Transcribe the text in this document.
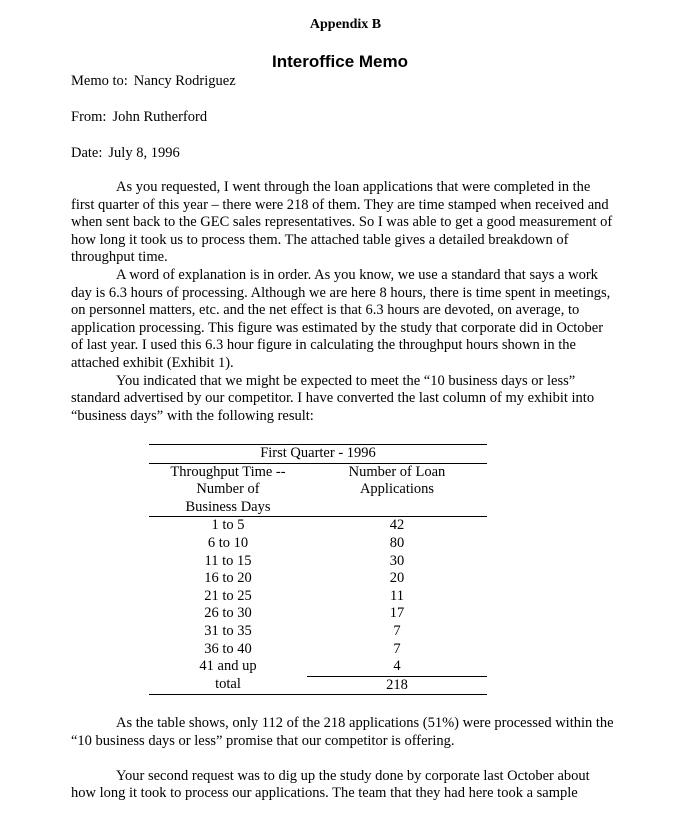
Appendix B
Interoffice Memo
Memo to: Nancy Rodriguez
From: John Rutherford
Date: July 8, 1996

As you requested, I went through the loan applications that were completed in the first quarter of this year – there were 218 of them. They are time stamped when received and when sent back to the GEC sales representatives. So I was able to get a good measurement of how long it took us to process them. The attached table gives a detailed breakdown of throughput time.

A word of explanation is in order. As you know, we use a standard that says a work day is 6.3 hours of processing. Although we are here 8 hours, there is time spent in meetings, on personnel matters, etc. and the net effect is that 6.3 hours are devoted, on average, to application processing. This figure was estimated by the study that corporate did in October of last year. I used this 6.3 hour figure in calculating the throughput hours shown in the attached exhibit (Exhibit 1).

You indicated that we might be expected to meet the “10 business days or less” standard advertised by our competitor. I have converted the last column of my exhibit into “business days” with the following result:

First Quarter - 1996	
Throughput Time --	Number of Loan
Number of	Applications
Business Days	
1 to 5	42
6 to 10	80
11 to 15	30
16 to 20	20
21 to 25	11
26 to 30	17
31 to 35	7
36 to 40	7
41 and up	4
total	218

As the table shows, only 112 of the 218 applications (51%) were processed within the “10 business days or less” promise that our competitor is offering.

Your second request was to dig up the study done by corporate last October about how long it took to process our applications. The team that they had here took a sample
